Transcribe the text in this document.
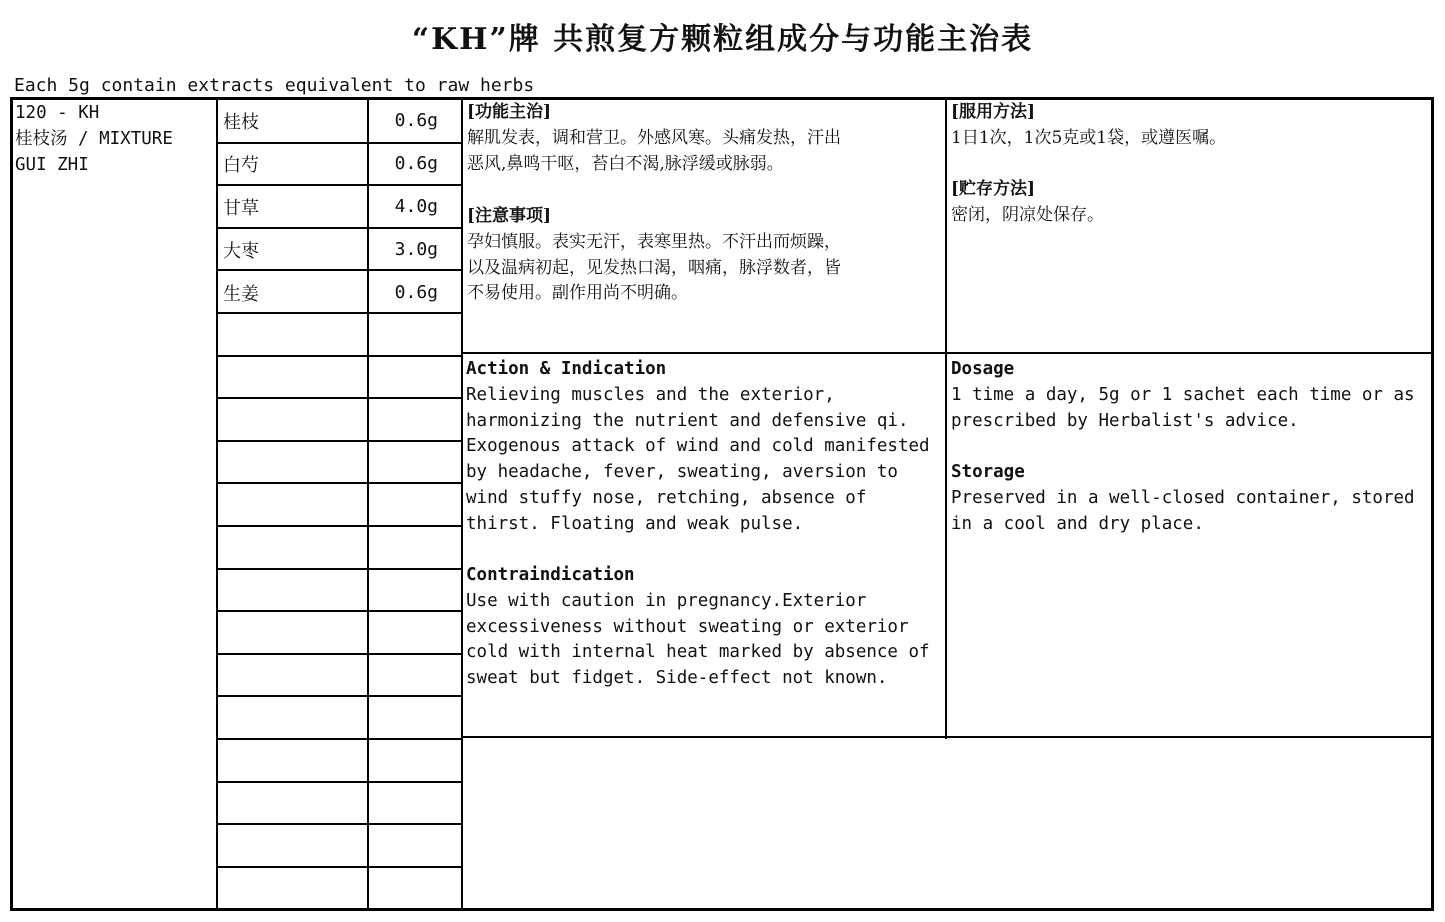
“KH”牌 共煎复方颗粒组成分与功能主治表
Each 5g contain extracts equivalent to raw herbs
120 - KH
桂枝汤 / MIXTURE
GUI ZHI
桂枝	0.6g
白芍	0.6g
甘草	4.0g
大枣	3.0g
生姜	0.6g

[功能主治]

解肌发表，调和营卫。外感风寒。头痛发热，汗出

恶风,鼻鸣干呕，苔白不渴,脉浮缓或脉弱。

[注意事项]

孕妇慎服。表实无汗，表寒里热。不汗出而烦躁，

以及温病初起，见发热口渴，咽痛，脉浮数者，皆

不易使用。副作用尚不明确。

[服用方法]

1日1次，1次5克或1袋，或遵医嘱。

[贮存方法]

密闭，阴凉处保存。

Action & Indication

Relieving muscles and the exterior,

harmonizing the nutrient and defensive qi.

Exogenous attack of wind and cold manifested

by headache, fever, sweating, aversion to

wind stuffy nose, retching, absence of

thirst. Floating and weak pulse.

Contraindication

Use with caution in pregnancy.Exterior

excessiveness without sweating or exterior

cold with internal heat marked by absence of

sweat but fidget. Side-effect not known.

Dosage

1 time a day, 5g or 1 sachet each time or as

prescribed by Herbalist's advice.

Storage

Preserved in a well-closed container, stored

in a cool and dry place.
